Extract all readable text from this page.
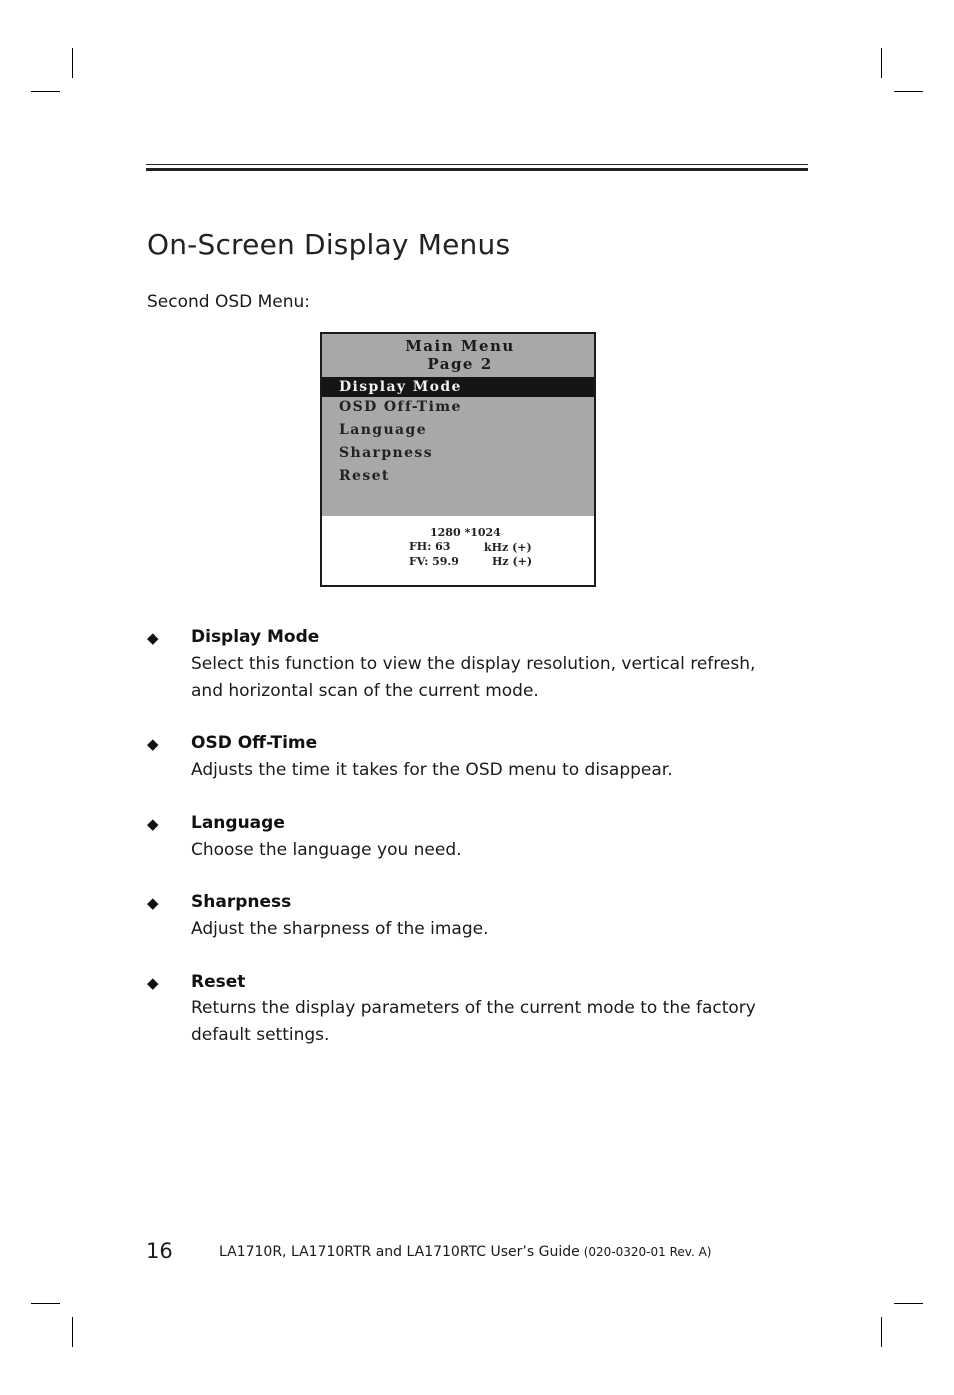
On-Screen Display Menus
Second OSD Menu:
Main Menu
Page 2
Display Mode
OSD Off-Time
Language
Sharpness
Reset
1280 *1024
FH: 63	kHz (+)
FV: 59.9	Hz (+)
◆ Display Mode
Select this function to view the display resolution, vertical refresh, and horizontal scan of the current mode.
◆ OSD Off-Time
Adjusts the time it takes for the OSD menu to disappear.
◆ Language
Choose the language you need.
◆ Sharpness
Adjust the sharpness of the image.
◆ Reset
Returns the display parameters of the current mode to the factory default settings.
16	LA1710R, LA1710RTR and LA1710RTC User’s Guide (020-0320-01 Rev. A)
